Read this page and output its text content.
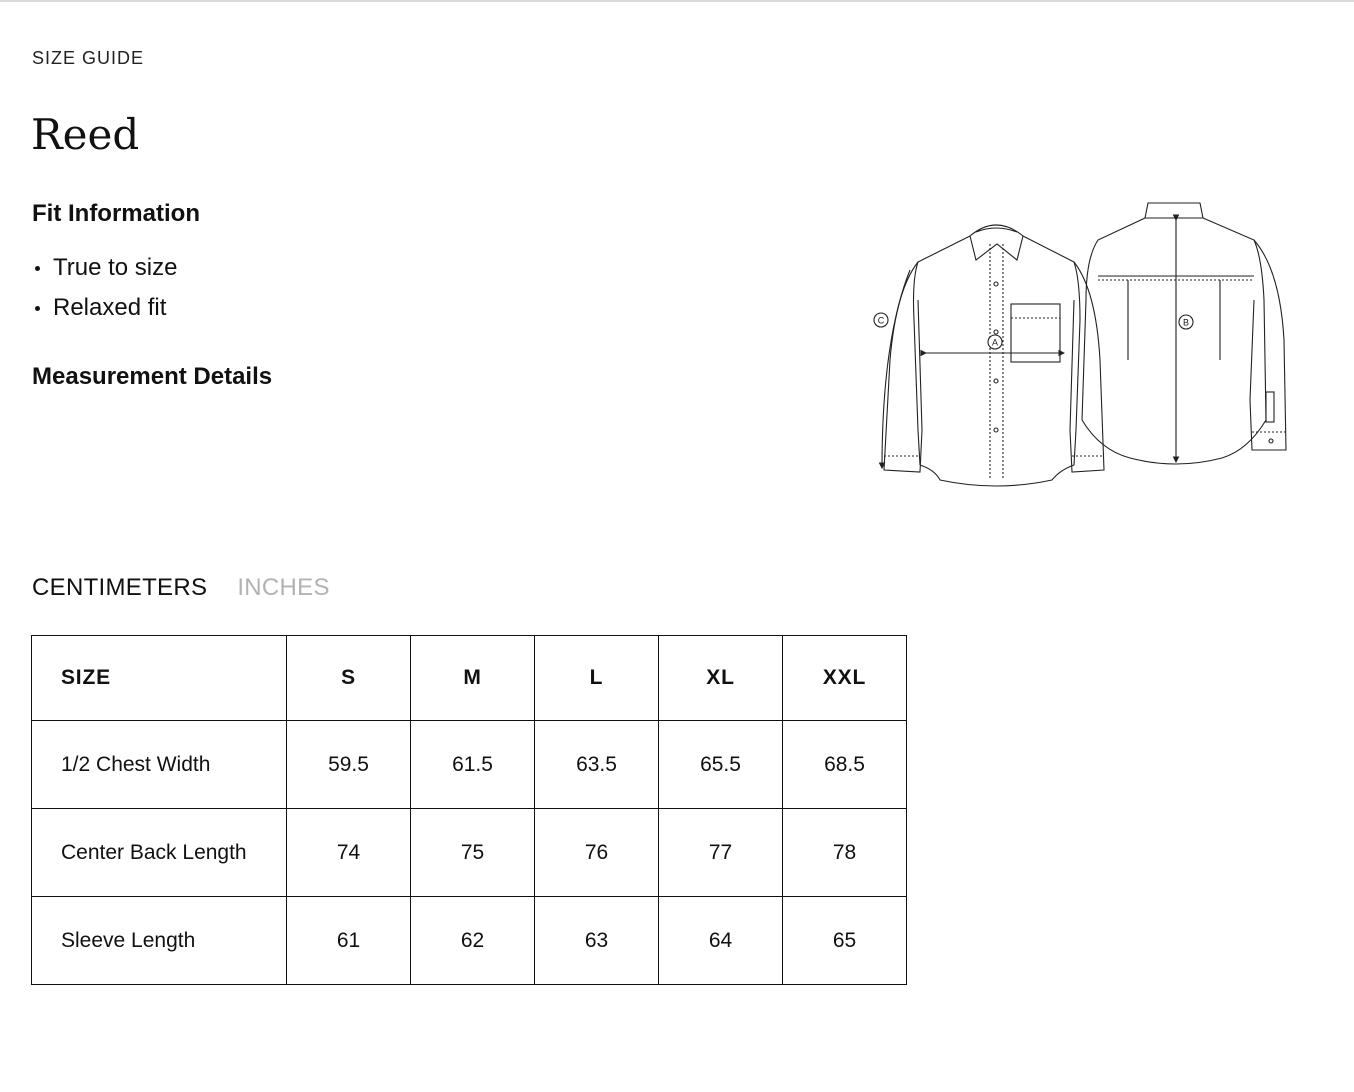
SIZE GUIDE
Reed
Fit Information
True to size
Relaxed fit
Measurement Details
A
B
C
CENTIMETERS INCHES
SIZE	S	M	L	XL	XXL
1/2 Chest Width	59.5	61.5	63.5	65.5	68.5
Center Back Length	74	75	76	77	78
Sleeve Length	61	62	63	64	65
